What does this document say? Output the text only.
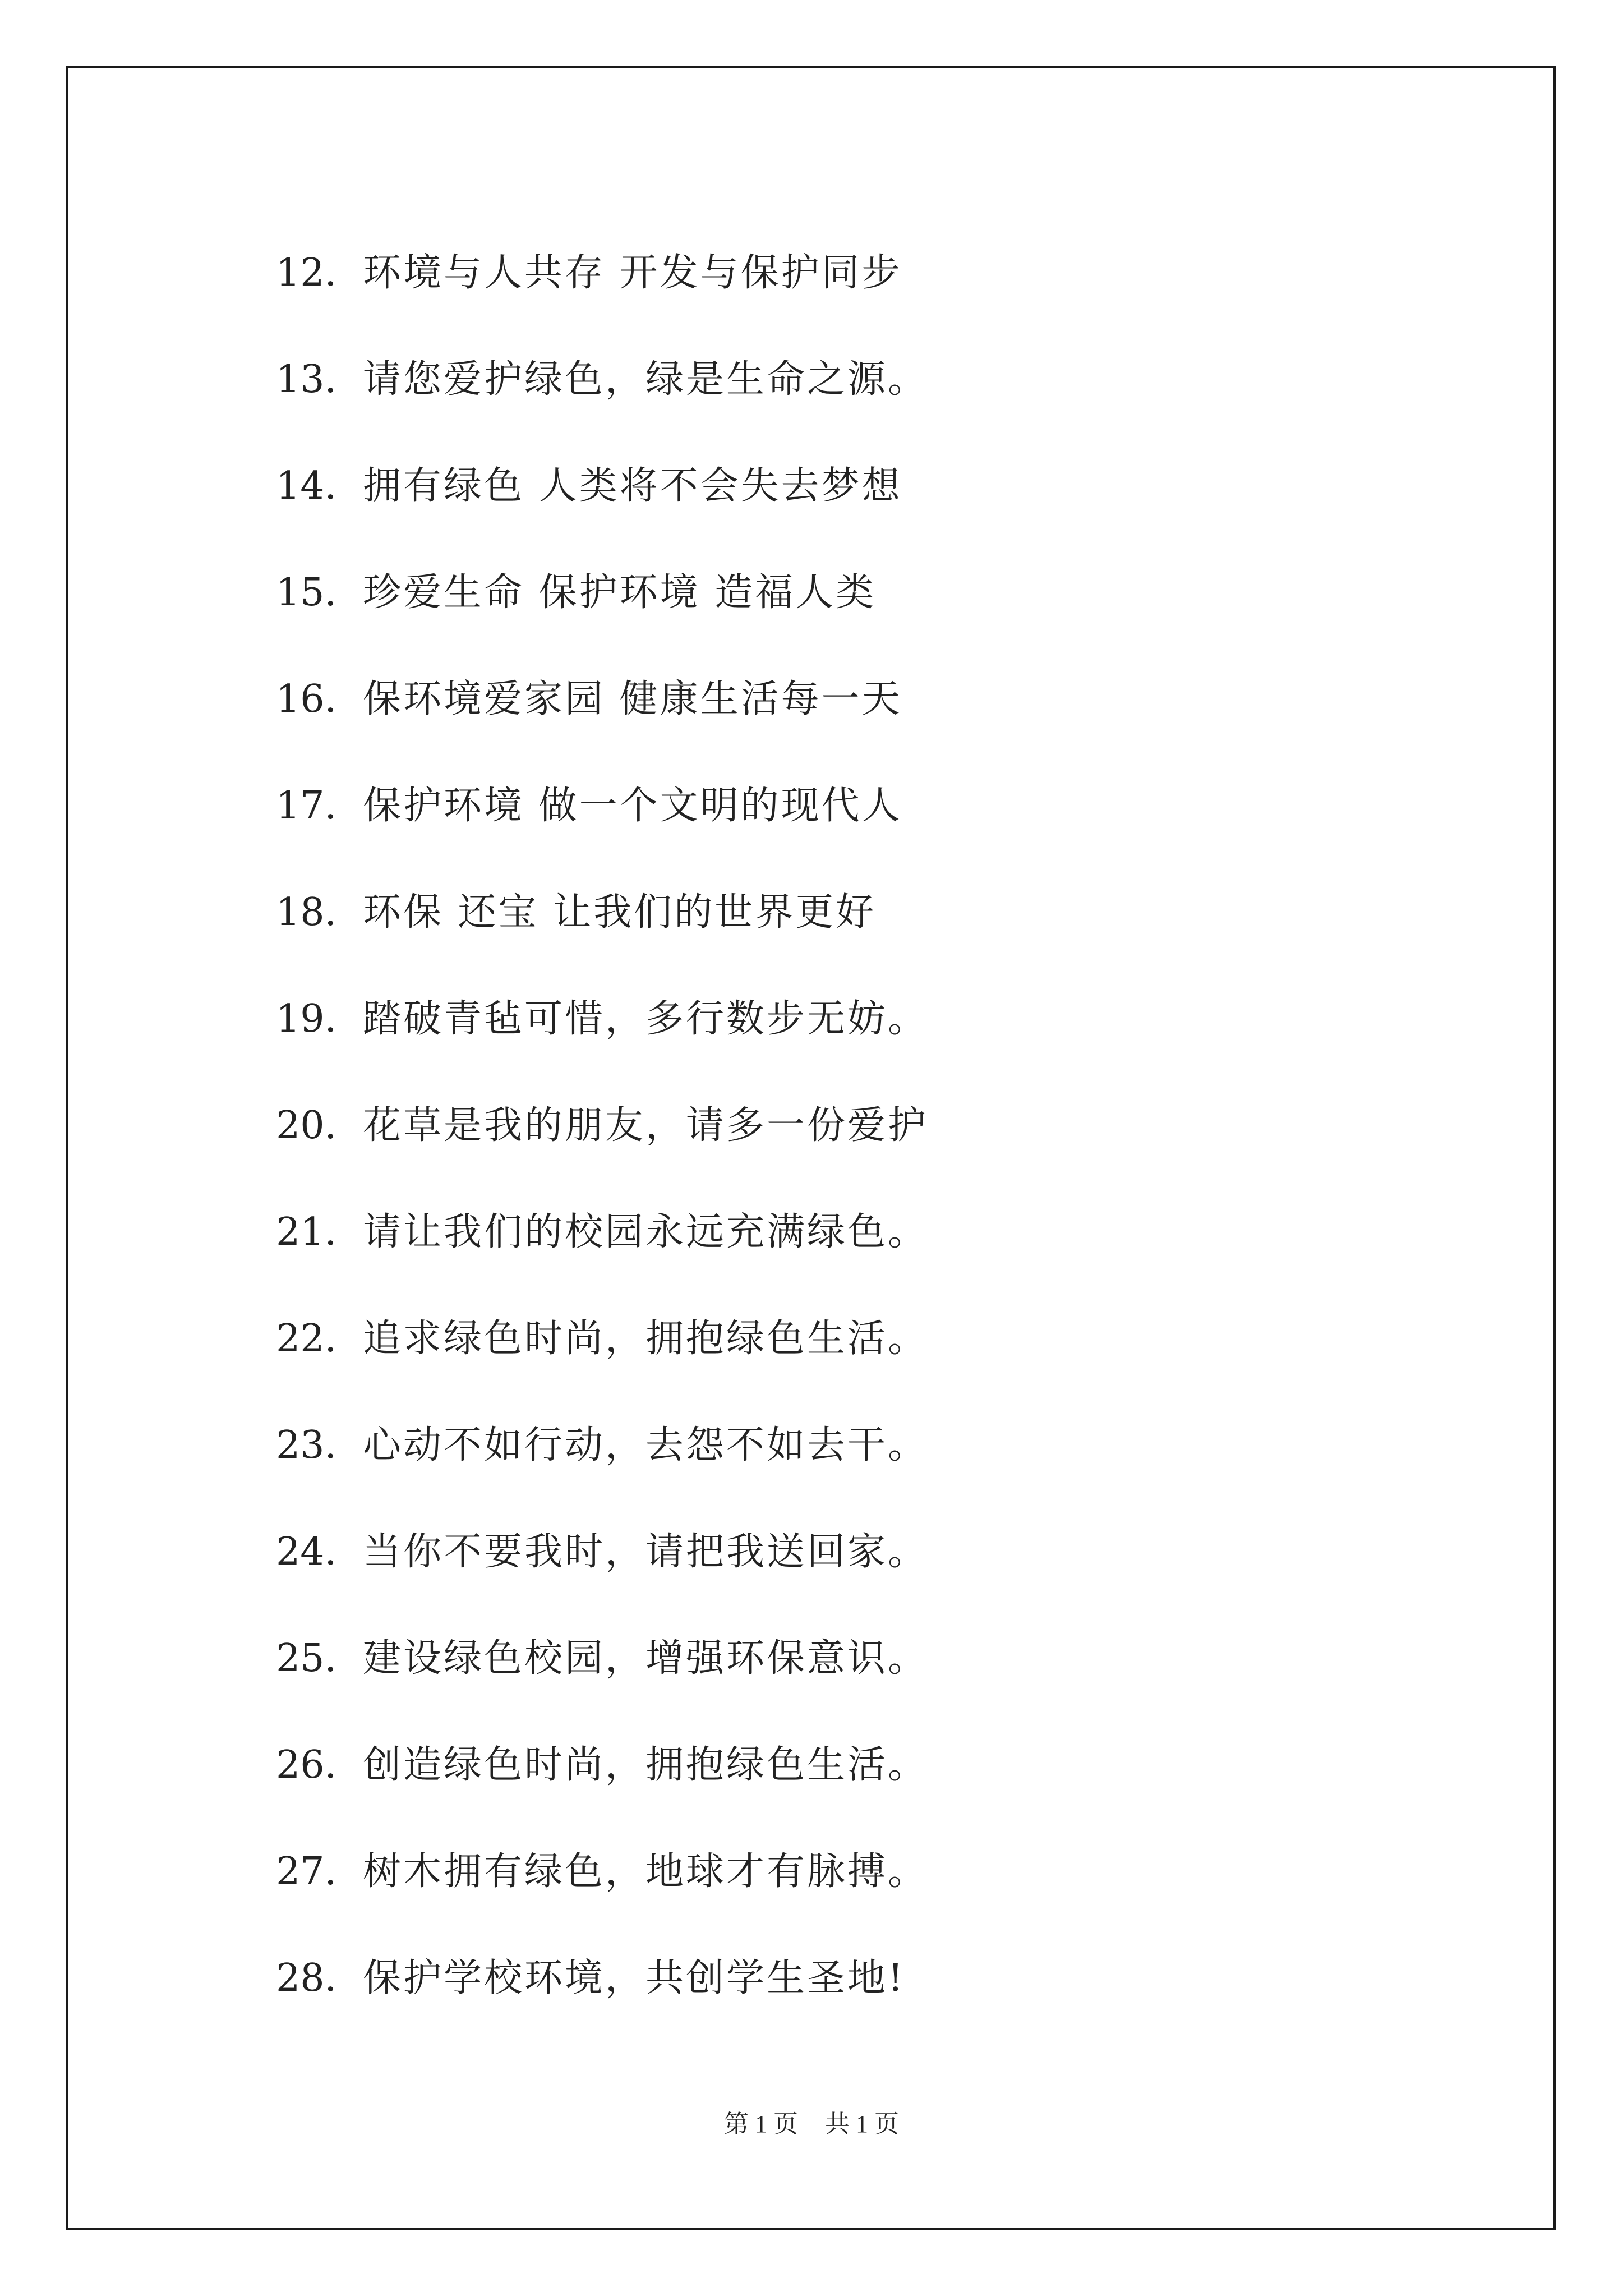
12. 环境与人共存 开发与保护同步
13. 请您爱护绿色，绿是生命之源。
14. 拥有绿色 人类将不会失去梦想
15. 珍爱生命 保护环境 造福人类
16. 保环境爱家园 健康生活每一天
17. 保护环境 做一个文明的现代人
18. 环保 还宝 让我们的世界更好
19. 踏破青毡可惜，多行数步无妨。
20. 花草是我的朋友，请多一份爱护
21. 请让我们的校园永远充满绿色。
22. 追求绿色时尚，拥抱绿色生活。
23. 心动不如行动，去怨不如去干。
24. 当你不要我时，请把我送回家。
25. 建设绿色校园，增强环保意识。
26. 创造绿色时尚，拥抱绿色生活。
27. 树木拥有绿色，地球才有脉搏。
28. 保护学校环境，共创学生圣地!
第 1 页 共 1 页
